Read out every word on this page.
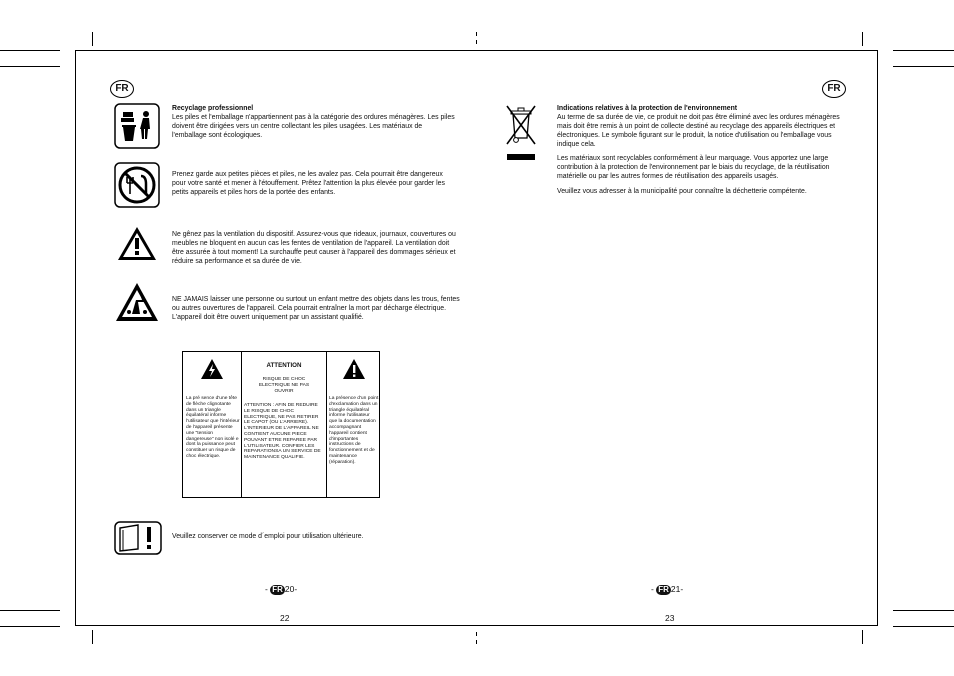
FR	FR
Recyclage professionnel
Les piles et l'emballage n'appartiennent pas à la catégorie des ordures ménagères. Les piles doivent être dirigées vers un centre collectant les piles usagées. Les matériaux de l'emballage sont écologiques.
Prenez garde aux petites pièces et piles, ne les avalez pas. Cela pourrait être dangereux pour votre santé et mener à l'étouffement. Prêtez l'attention la plus élevée pour garder les petits appareils et piles hors de la portée des enfants.
Ne gênez pas la ventilation du dispositif. Assurez-vous que rideaux, journaux, couvertures ou meubles ne bloquent en aucun cas les fentes de ventilation de l'appareil. La ventilation doit être assurée à tout moment! La surchauffe peut causer à l'appareil des dommages sérieux et réduire sa performance et sa durée de vie.
NE JAMAIS laisser une personne ou surtout un enfant mettre des objets dans les trous, fentes ou autres ouvertures de l'appareil. Cela pourrait entraîner la mort par décharge électrique. L'appareil doit être ouvert uniquement par un assistant qualifié.
La pré sence d'une tête de flèche clignotante dans un triangle équilatéral informe l'utilisateur que l'intérieur de l'appareil présente une "tension dangereuse" non isolé e dont la puissance peut constituer un risque de choc électrique.
ATTENTION
RISQUE DE CHOC ELECTRIQUE NE PAS OUVRIR
ATTENTION : AFIN DE REDUIRE LE RISQUE DE CHOC ELECTRIQUE, NE PAS RETIRER LE CAPOT (OU L'ARRIERE). L'INTERIEUR DE L'APPAREIL NE CONTIENT AUCUNE PIECE POUVANT ETRE REPAREE PAR L'UTILISATEUR. CONFIER LES REPARATIONSA UN SERVICE DE MAINTENANCE QUALIFIE.
La présence d'un point d'exclamation dans un triangle équilatéral informe l'utilisateur que la documentation accompagnant l'appareil contient d'importantes instructions de fonctionnement et de maintenance (réparation).
Veuillez conserver ce mode d´emploi pour utilisation ultérieure.
- FR 20-
22
Indications relatives à la protection de l'environnement
Au terme de sa durée de vie, ce produit ne doit pas être éliminé avec les ordures ménagères mais doit être remis à un point de collecte destiné au recyclage des appareils électriques et électroniques. Le symbole figurant sur le produit, la notice d'utilisation ou l'emballage vous indique cela.
Les matériaux sont recyclables conformément à leur marquage. Vous apportez une large contribution à la protection de l'environnement par le biais du recyclage, de la réutilisation matérielle ou par les autres formes de réutilisation des appareils usagés.
Veuillez vous adresser à la municipalité pour connaître la déchetterie compétente.
- FR 21-
23
